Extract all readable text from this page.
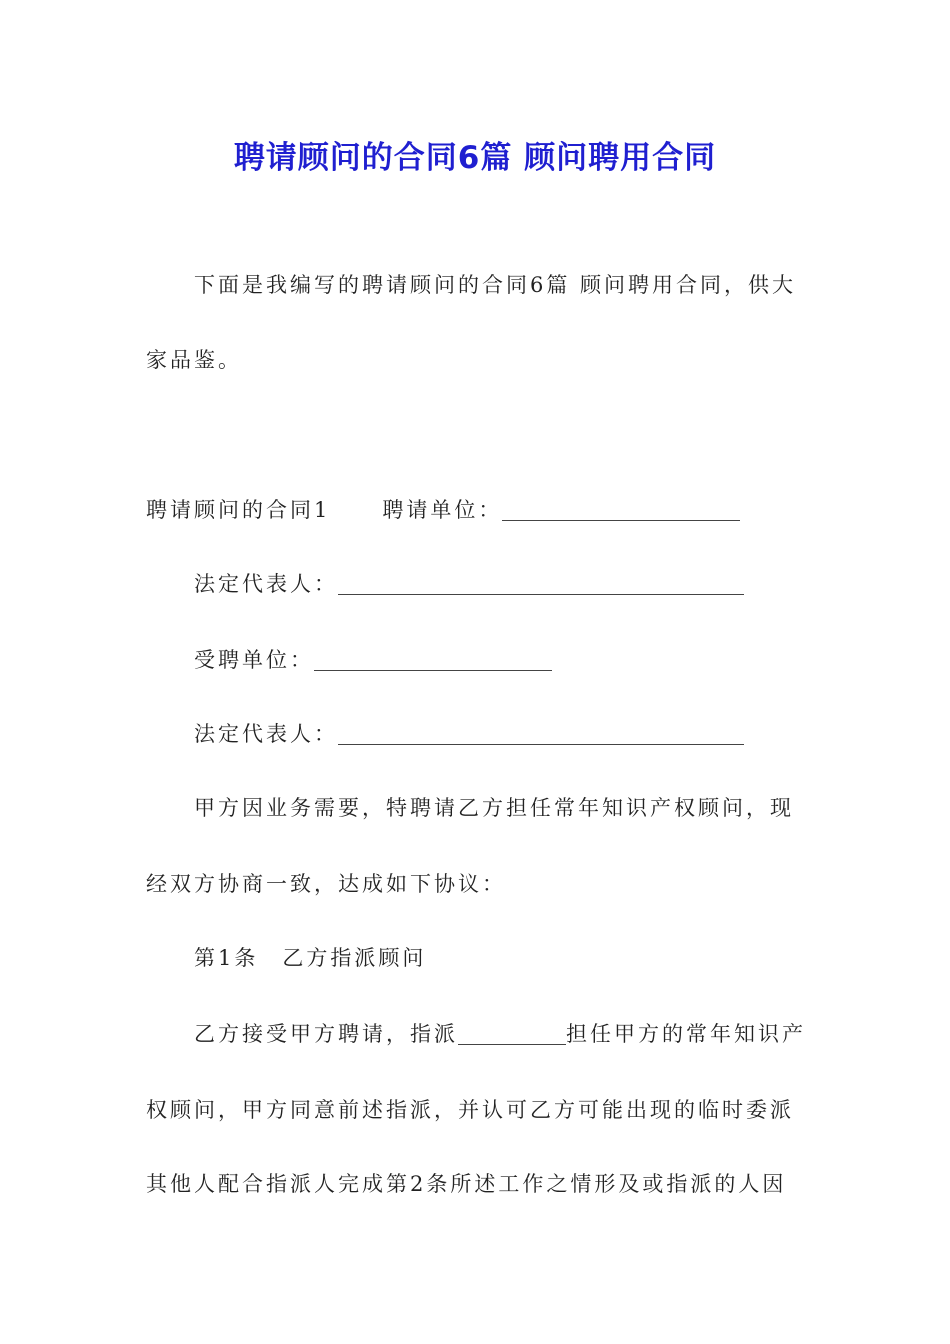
聘请顾问的合同6篇 顾问聘用合同
下面是我编写的聘请顾问的合同6篇 顾问聘用合同，供大
家品鉴。
聘请顾问的合同1 聘请单位：
法定代表人：
受聘单位：
法定代表人：
甲方因业务需要，特聘请乙方担任常年知识产权顾问，现
经双方协商一致，达成如下协议：
第1条 乙方指派顾问
乙方接受甲方聘请，指派	担任甲方的常年知识产
权顾问，甲方同意前述指派，并认可乙方可能出现的临时委派
其他人配合指派人完成第2条所述工作之情形及或指派的人因
